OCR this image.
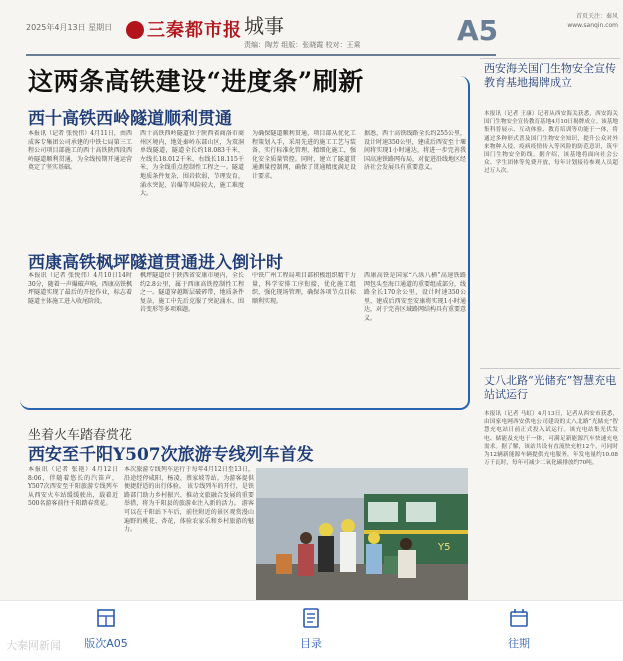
2025年4月13日 星期日	三秦都市报 城事
责编：陶芳 组版：张晓霞 校对：王乘	A5	首页关注：秦风
www.sanqin.com
这两条高铁建设“进度条”刷新
西十高铁西岭隧道顺利贯通
本报讯（记者 张悦伟）4月11日，由西成客专集团公司承建的中铁七局第三工程公司项目部施工的西十高铁陕西段西岭隧道顺利贯通，为全线按期开通运营奠定了坚实基础。
西十高铁西岭隧道位于陕西省商洛市商州区境内，地处秦岭东部山区，为双洞单线隧道，隧道全长约18.083千米，左线长18.012千米，右线长18.115千米，为全线重点控制性工程之一。隧道地质条件复杂，围岩软弱，节理发育，涌水突泥、岩爆等风险较大，施工难度大。
为确保隧道顺利贯通，项目部从优化工程策划入手，采用先进的施工工艺与装备，实行标准化管理，精细化施工，强化安全质量管控。同时，建立了隧道贯通测量控制网，确保了贯通精度满足设计要求。
据悉，西十高铁线路全长约255公里，设计时速350公里，建成后西安至十堰间将实现1小时通达，将进一步完善我国高速铁路网布局，对促进沿线地区经济社会发展具有重要意义。
西康高铁枫坪隧道贯通进入倒计时
本报讯（记者 张悦伟）4月10日14时30分，随着一声爆破声响，西康高铁枫坪隧道实现了最后的开挖作业，标志着隧道主体施工进入收尾阶段。
枫坪隧道位于陕西省安康市境内，全长约2.8公里，属于西康高铁控制性工程之一。隧道穿越断层破碎带，地质条件复杂，施工中先后克服了突泥涌水、围岩变形等多项难题。
中铁广州工程局项目部积极组织精干力量，科学安排工序衔接，优化施工组织，强化现场管理，确保各项节点目标顺利实现。
西康高铁是国家“八纵八横”高速铁路网包头至海口通道的重要组成部分，线路全长170余公里，设计时速350公里，建成后西安至安康将实现1小时通达，对于完善区域路网结构具有重要意义。
坐着火车踏春赏花
西安至千阳Y507次旅游专线列车首发
本报讯（记者 张艳）4月12日8:06，伴随着悠长的汽笛声，Y507次西安至千阳旅游专线列车从西安火车站缓缓驶出，载着近500名游客前往千阳踏春赏花。
本次旅游专线列车运行于每年4月12日至13日，沿途经停咸阳、杨凌、蔡家坡等站，为游客提供便捷舒适的出行体验。 该专线列车的开行，是铁路部门助力乡村振兴、推动文旅融合发展的重要举措，将为千阳县的旅游业注入新的活力。 游客可以在千阳站下车后，前往附近的景区观赏漫山遍野的桃花、杏花，体验农家乐和乡村旅游的魅力。
Y5
西安海关国门生物安全宣传教育基地揭牌成立
本报讯（记者 王康）记者从西安海关获悉，西安海关国门生物安全宣传教育基地4月10日揭牌成立。该基地集科普展示、互动体验、教育培训等功能于一体，将通过多种形式普及国门生物安全知识，提升公众对外来物种入侵、疫病疫情传入等风险的防范意识，筑牢国门生物安全防线。据介绍，该基地将面向社会公众、学生团体等免费开放，每年计划接待参观人员超过万人次。
丈八北路“光储充”智慧充电站试运行
本报讯（记者 马虹）4月13日，记者从西安市获悉，由国家电网西安供电公司建设的丈八北路“光储充”智慧充电站日前正式投入试运行。该充电站集光伏发电、储能及充电于一体，可满足新能源汽车快速充电需求。据了解，该站共设有直流快充桩12个，可同时为12辆新能源车辆提供充电服务，年发电量约10.08万千瓦时，每年可减少二氧化碳排放约70吨。
版次A05	目录	往期
大秦网新闻
